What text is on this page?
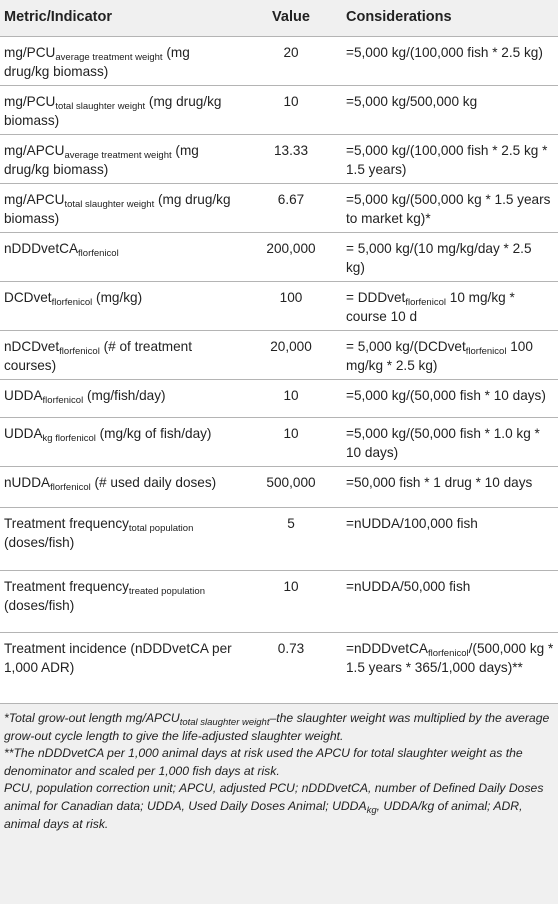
Metric/Indicator	Value	Considerations
$mg/PCU_{average treatment weight}$ (mg drug/kg biomass)	20	=5,000 kg/(100,000 fish * 2.5 kg)
$mg/PCU_{total slaughter weight}$ (mg drug/kg biomass)	10	=5,000 kg/500,000 kg
$mg/APCU_{average treatment weight}$ (mg drug/kg biomass)	13.33	=5,000 kg/(100,000 fish * 2.5 kg * 1.5 years)
$mg/APCU_{total slaughter weight}$ (mg drug/kg biomass)	6.67	=5,000 kg/(500,000 kg * 1.5 years to market kg)*
nDDDvetCA$_{florfenicol}$	200,000	= 5,000 kg/(10 mg/kg/day * 2.5 kg)
DCDvet$_{florfenicol}$ (mg/kg)	100	= DDDvet$_{florfenicol}$ 10 mg/kg * course 10 d
nDCDvet$_{florfenicol}$ (# of treatment courses)	20,000	= 5,000 kg/(DCDvet$_{florfenicol}$ 100 mg/kg * 2.5 kg)
$UDDA_{florfenicol}$ (mg/fish/day)	10	=5,000 kg/(50,000 fish * 10 days)
$UDDA_{kg florfenicol}$ (mg/kg of fish/day)	10	=5,000 kg/(50,000 fish * 1.0 kg * 10 days)
nUDDA$_{florfenicol}$ (# used daily doses)	500,000	=50,000 fish * 1 drug * 10 days
Treatment frequency$_{total population}$ (doses/fish)	5	=nUDDA/100,000 fish
Treatment frequency$_{treated population}$ (doses/fish)	10	=nUDDA/50,000 fish
Treatment incidence (nDDDvetCA per 1,000 ADR)	0.73	=nDDDvetCA$_{florfenicol}$/(500,000 kg * 1.5 years * 365/1,000 days)**

*Total grow-out length $mg/APCU_{total slaughter weight}$–the slaughter weight was multiplied by the average grow-out cycle length to give the life-adjusted slaughter weight.

**The nDDDvetCA per 1,000 animal days at risk used the APCU for total slaughter weight as the denominator and scaled per 1,000 fish days at risk.

PCU, population correction unit; APCU, adjusted PCU; nDDDvetCA, number of Defined Daily Doses animal for Canadian data; UDDA, Used Daily Doses Animal; $UDDA_{kg}$, UDDA/kg of animal; ADR, animal days at risk.
